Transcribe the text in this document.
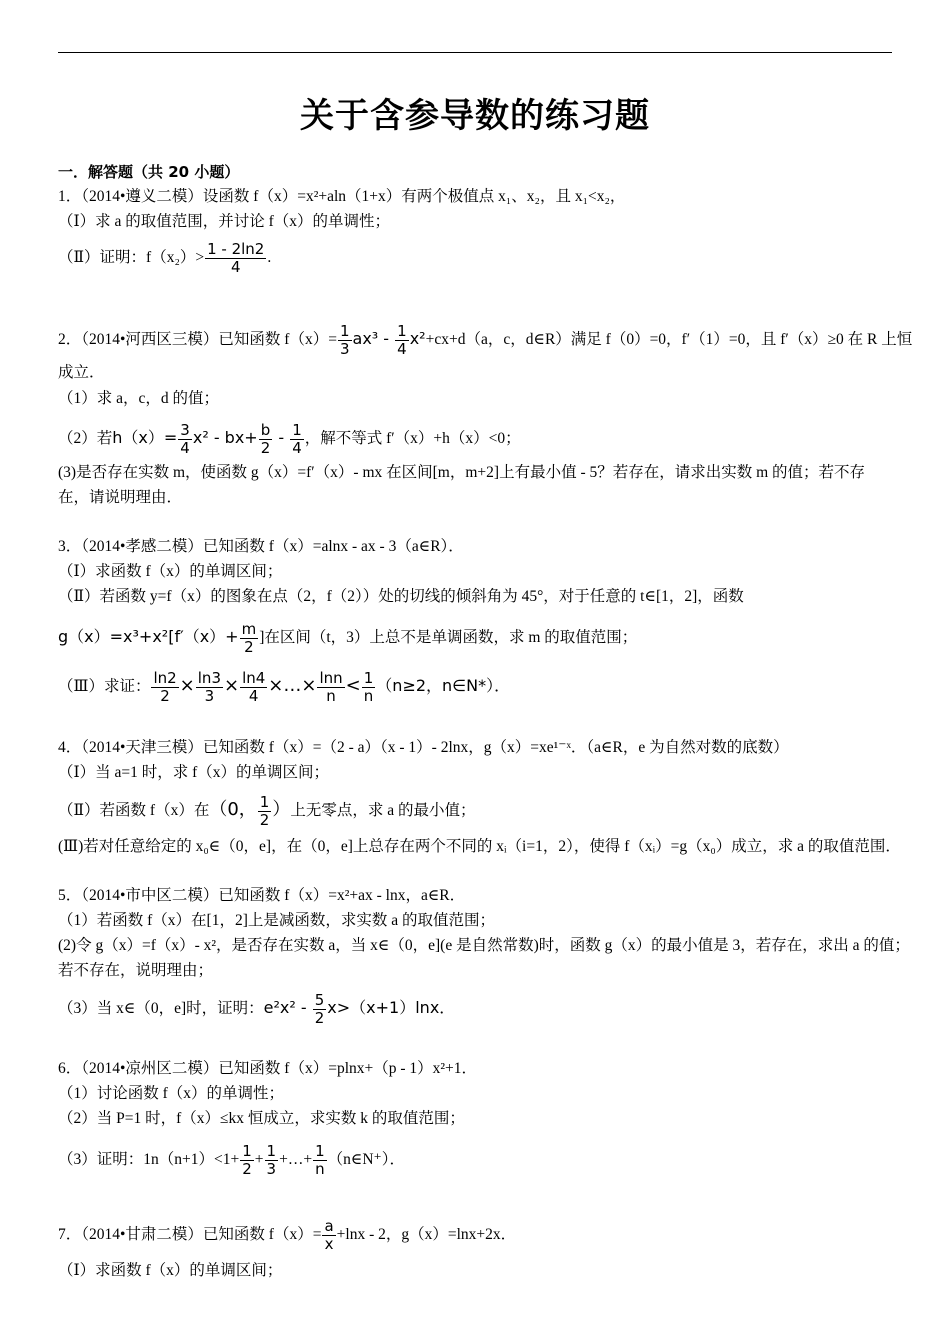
关于含参导数的练习题
一．解答题（共 20 小题）
1．（2014•遵义二模）设函数 f（x）=x²+aln（1+x）有两个极值点 x₁、x₂，且 x₁<x₂，
（Ⅰ）求 a 的取值范围，并讨论 f（x）的单调性；
（Ⅱ）证明：$f(x_2)> \frac{1 - 2\ln 2}{4}$ .
2．（2014•河西区三模）已知函数 $f(x)= \frac{1}{3} ax^3 - \frac{1}{4} x^2+cx+d(a$，c，d∈R）满足 f（0）=0，f′（1）=0，且 f′（x）≥0 在 R 上恒
成立．
（1）求 a，c，d 的值；
（2）若$h(x)= \frac{3}{4} x^2 - bx+ \frac{b}{2} - \frac{1}{4}$ ，解不等式 f′（x）+h（x）<0；
(3)是否存在实数 m，使函数 g（x）=f′（x）- mx 在区间[m，m+2]上有最小值 - 5？若存在，请求出实数 m 的值；若不存
在，请说明理由．
3．（2014•孝感二模）已知函数 f（x）=alnx - ax - 3（a∈R）．
（Ⅰ）求函数 f（x）的单调区间；
（Ⅱ）若函数 y=f（x）的图象在点（2，f（2））处的切线的倾斜角为 45°，对于任意的 t∈[1，2]，函数
$g(x)=x^3+x^2[f'(x)+ \frac{m}{2}$ ]在区间（t，3）上总不是单调函数，求 m 的取值范围；
（Ⅲ）求证： $\frac{\ln 2}{2} \times \frac{\ln 3}{3} \times \frac{\ln 4}{4}$ ×…× $\frac{\ln n}{n} < \frac{1}{n} (n\ge 2$，n∈N*）．
4．（2014•天津三模）已知函数 f（x）=（2 - a）（x - 1）- 2lnx，g（x）=xe¹⁻ˣ．（a∈R，e 为自然对数的底数）
（Ⅰ）当 a=1 时，求 f（x）的单调区间；
（Ⅱ）若函数 f（x）在（0， $\frac{1}{2}$ ）上无零点，求 a 的最小值；
(Ⅲ)若对任意给定的 x₀∈（0，e]，在（0，e]上总存在两个不同的 xᵢ（i=1，2），使得 f（xᵢ）=g（x₀）成立，求 a 的取值范围．
5．（2014•市中区二模）已知函数 f（x）=x²+ax - lnx，a∈R．
（1）若函数 f（x）在[1，2]上是减函数，求实数 a 的取值范围；
(2)令 g（x）=f（x）- x²，是否存在实数 a，当 x∈（0，e](e 是自然常数)时，函数 g（x）的最小值是 3，若存在，求出 a 的值；
若不存在，说明理由；
（3）当 x∈（0，e]时，证明：$e^2x^2 - \frac{5}{2} x>(x+1)\ln x$．
6．（2014•凉州区二模）已知函数 f（x）=plnx+（p - 1）x²+1．
（1）讨论函数 f（x）的单调性；
（2）当 P=1 时，f（x）≤kx 恒成立，求实数 k 的取值范围；
（3）证明：$1n(n+1)<1+ \frac{1}{2} + \frac{1}{3}$ +…+ $\frac{1}{n}$ （n∈N⁺）．
7．（2014•甘肃二模）已知函数 $f(x)= \frac{a}{x} +\ln x - 2$，g（x）=lnx+2x．
（Ⅰ）求函数 f（x）的单调区间；
